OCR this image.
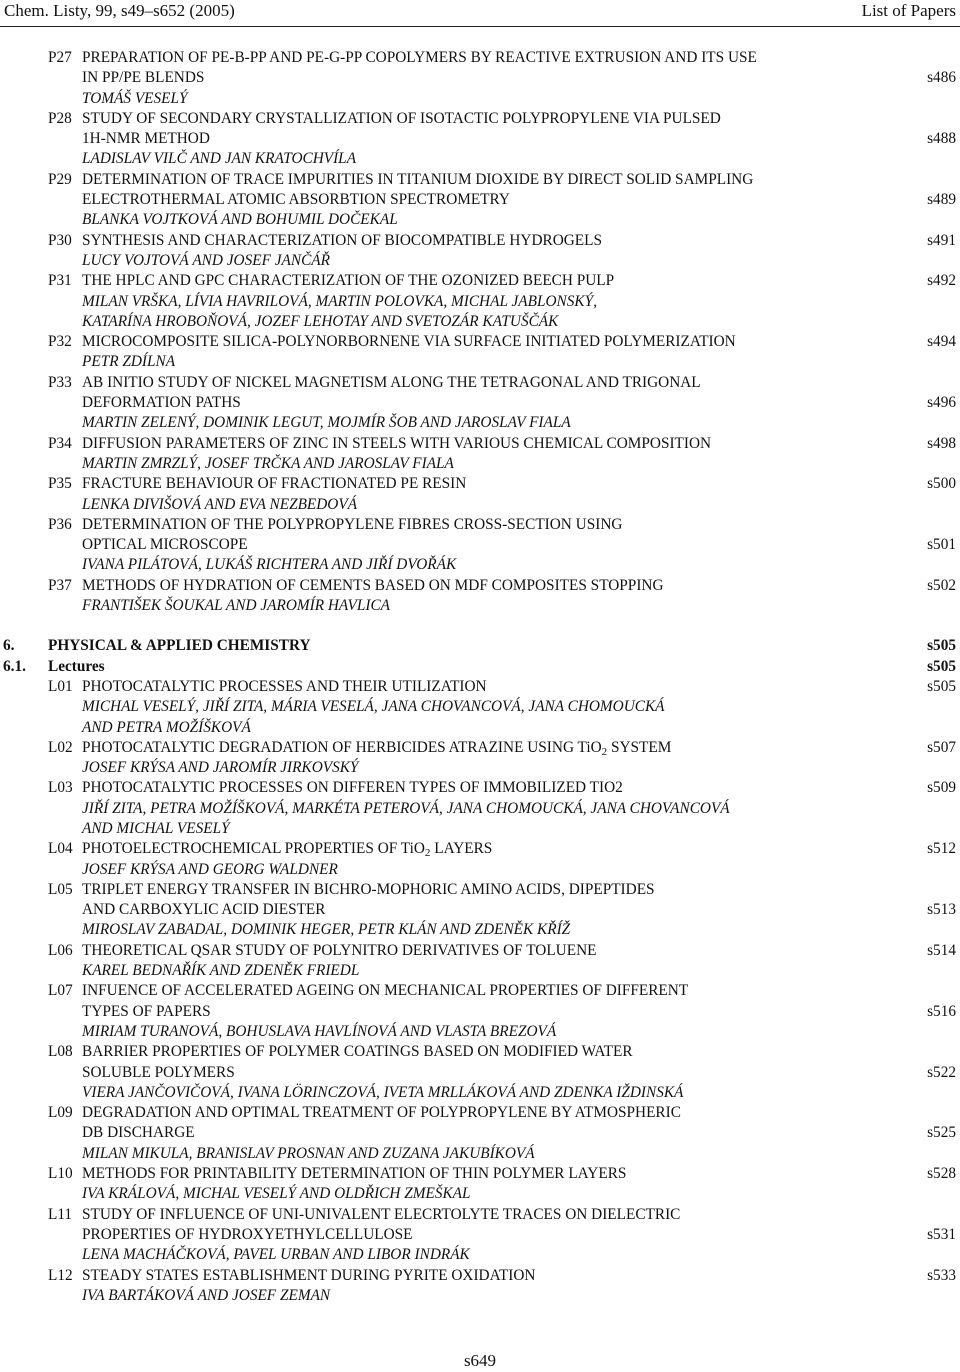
Chem. Listy, 99, s49–s652 (2005)	List of Papers
P27 PREPARATION OF PE-B-PP AND PE-G-PP COPOLYMERS BY REACTIVE EXTRUSION AND ITS USE
IN PP/PE BLENDS	s486
TOMÁŠ VESELÝ
P28 STUDY OF SECONDARY CRYSTALLIZATION OF ISOTACTIC POLYPROPYLENE VIA PULSED
1H-NMR METHOD	s488
LADISLAV VILČ AND JAN KRATOCHVÍLA
P29 DETERMINATION OF TRACE IMPURITIES IN TITANIUM DIOXIDE BY DIRECT SOLID SAMPLING
ELECTROTHERMAL ATOMIC ABSORBTION SPECTROMETRY	s489
BLANKA VOJTKOVÁ AND BOHUMIL DOČEKAL
P30 SYNTHESIS AND CHARACTERIZATION OF BIOCOMPATIBLE HYDROGELS	s491
LUCY VOJTOVÁ AND JOSEF JANČÁŘ
P31 THE HPLC AND GPC CHARACTERIZATION OF THE OZONIZED BEECH PULP	s492
MILAN VRŠKA, LÍVIA HAVRILOVÁ, MARTIN POLOVKA, MICHAL JABLONSKÝ,
KATARÍNA HROBOŇOVÁ, JOZEF LEHOTAY AND SVETOZÁR KATUŠČÁK
P32 MICROCOMPOSITE SILICA-POLYNORBORNENE VIA SURFACE INITIATED POLYMERIZATION	s494
PETR ZDÍLNA
P33 AB INITIO STUDY OF NICKEL MAGNETISM ALONG THE TETRAGONAL AND TRIGONAL
DEFORMATION PATHS	s496
MARTIN ZELENÝ, DOMINIK LEGUT, MOJMÍR ŠOB AND JAROSLAV FIALA
P34 DIFFUSION PARAMETERS OF ZINC IN STEELS WITH VARIOUS CHEMICAL COMPOSITION	s498
MARTIN ZMRZLÝ, JOSEF TRČKA AND JAROSLAV FIALA
P35 FRACTURE BEHAVIOUR OF FRACTIONATED PE RESIN	s500
LENKA DIVIŠOVÁ AND EVA NEZBEDOVÁ
P36 DETERMINATION OF THE POLYPROPYLENE FIBRES CROSS-SECTION USING
OPTICAL MICROSCOPE	s501
IVANA PILÁTOVÁ, LUKÁŠ RICHTERA AND JIŘÍ DVOŘÁK
P37 METHODS OF HYDRATION OF CEMENTS BASED ON MDF COMPOSITES STOPPING	s502
FRANTIŠEK ŠOUKAL AND JAROMÍR HAVLICA
6. PHYSICAL & APPLIED CHEMISTRY	s505
6.1. Lectures	s505
L01 PHOTOCATALYTIC PROCESSES AND THEIR UTILIZATION	s505
MICHAL VESELÝ, JIŘÍ ZITA, MÁRIA VESELÁ, JANA CHOVANCOVÁ, JANA CHOMOUCKÁ
AND PETRA MOŽÍŠKOVÁ
L02 PHOTOCATALYTIC DEGRADATION OF HERBICIDES ATRAZINE USING TiO$_2$ SYSTEM	s507
JOSEF KRÝSA AND JAROMÍR JIRKOVSKÝ
L03 PHOTOCATALYTIC PROCESSES ON DIFFEREN TYPES OF IMMOBILIZED TIO2	s509
JIŘÍ ZITA, PETRA MOŽÍŠKOVÁ, MARKÉTA PETEROVÁ, JANA CHOMOUCKÁ, JANA CHOVANCOVÁ
AND MICHAL VESELÝ
L04 PHOTOELECTROCHEMICAL PROPERTIES OF TiO$_2$ LAYERS	s512
JOSEF KRÝSA AND GEORG WALDNER
L05 TRIPLET ENERGY TRANSFER IN BICHRO-MOPHORIC AMINO ACIDS, DIPEPTIDES
AND CARBOXYLIC ACID DIESTER	s513
MIROSLAV ZABADAL, DOMINIK HEGER, PETR KLÁN AND ZDENĚK KŘÍŽ
L06 THEORETICAL QSAR STUDY OF POLYNITRO DERIVATIVES OF TOLUENE	s514
KAREL BEDNAŘÍK AND ZDENĚK FRIEDL
L07 INFUENCE OF ACCELERATED AGEING ON MECHANICAL PROPERTIES OF DIFFERENT
TYPES OF PAPERS	s516
MIRIAM TURANOVÁ, BOHUSLAVA HAVLÍNOVÁ AND VLASTA BREZOVÁ
L08 BARRIER PROPERTIES OF POLYMER COATINGS BASED ON MODIFIED WATER
SOLUBLE POLYMERS	s522
VIERA JANČOVIČOVÁ, IVANA LÖRINCZOVÁ, IVETA MRLLÁKOVÁ AND ZDENKA IŽDINSKÁ
L09 DEGRADATION AND OPTIMAL TREATMENT OF POLYPROPYLENE BY ATMOSPHERIC
DB DISCHARGE	s525
MILAN MIKULA, BRANISLAV PROSNAN AND ZUZANA JAKUBÍKOVÁ
L10 METHODS FOR PRINTABILITY DETERMINATION OF THIN POLYMER LAYERS	s528
IVA KRÁLOVÁ, MICHAL VESELÝ AND OLDŘICH ZMEŠKAL
L11 STUDY OF INFLUENCE OF UNI-UNIVALENT ELECRTOLYTE TRACES ON DIELECTRIC
PROPERTIES OF HYDROXYETHYLCELLULOSE	s531
LENA MACHÁČKOVÁ, PAVEL URBAN AND LIBOR INDRÁK
L12 STEADY STATES ESTABLISHMENT DURING PYRITE OXIDATION	s533
IVA BARTÁKOVÁ AND JOSEF ZEMAN
s649
